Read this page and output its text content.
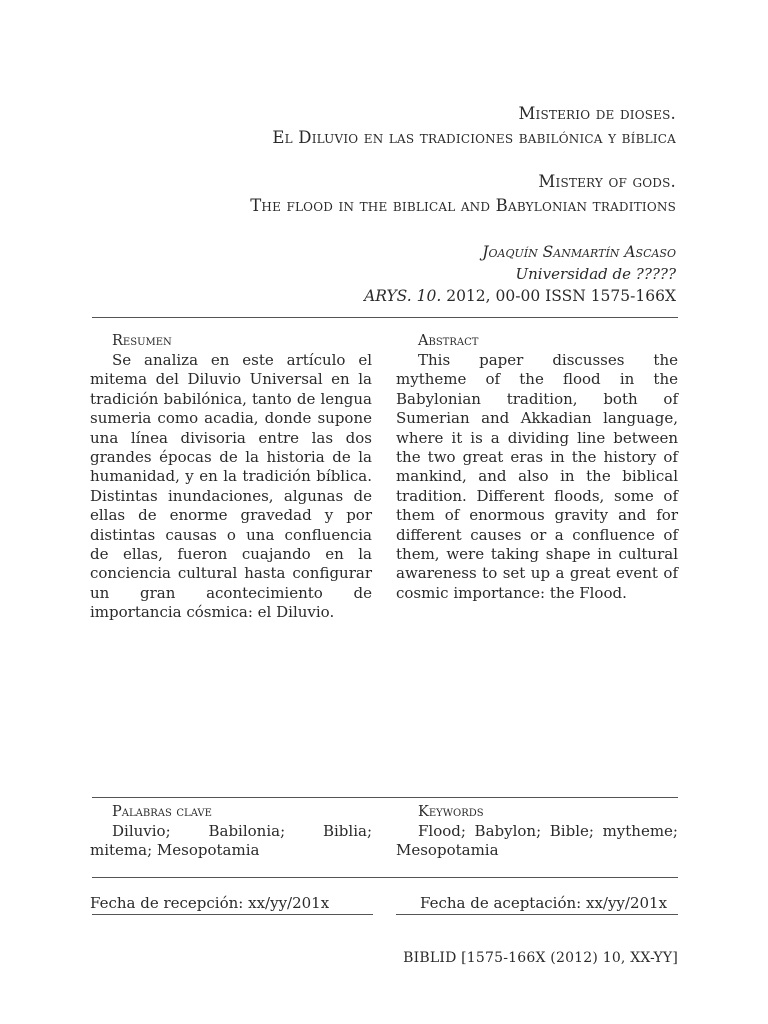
Misterio de dioses.
El Diluvio en las tradiciones babilónica y bíblica
Mistery of gods.
The flood in the biblical and Babylonian traditions
Joaquín Sanmartín Ascaso
Universidad de ?????
ARYS. 10. 2012, 00-00 ISSN 1575-166X
Resumen

Se analiza en este artículo el mitema del Diluvio Universal en la tradición babilónica, tanto de lengua sumeria como acadia, donde supone una línea divisoria entre las dos grandes épocas de la historia de la humanidad, y en la tradición bíblica. Distintas inundaciones, algunas de ellas de enorme gravedad y por distintas causas o una confluencia de ellas, fueron cuajando en la conciencia cultural hasta configurar un gran acontecimiento de importancia cósmica: el Diluvio.

Abstract

This paper discusses the mytheme of the flood in the Babylonian tradition, both of Sumerian and Akkadian language, where it is a dividing line between the two great eras in the history of mankind, and also in the biblical tradition. Different floods, some of them of enormous gravity and for different causes or a confluence of them, were taking shape in cultural awareness to set up a great event of cosmic importance: the Flood.

Palabras clave

Diluvio; Babilonia; Biblia; mitema; Mesopotamia

Keywords

Flood; Babylon; Bible; mytheme; Mesopotamia

Fecha de recepción: xx/yy/201x	Fecha de aceptación: xx/yy/201x
BIBLID [1575-166X (2012) 10, XX-YY]
